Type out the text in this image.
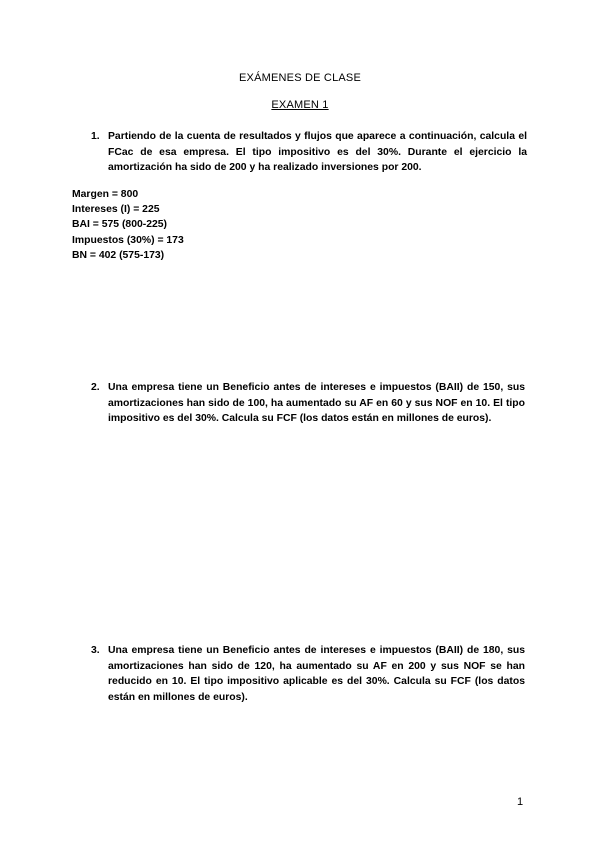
EXÁMENES DE CLASE
EXAMEN 1
1. Partiendo de la cuenta de resultados y flujos que aparece a continuación, calcula el FCac de esa empresa. El tipo impositivo es del 30%. Durante el ejercicio la amortización ha sido de 200 y ha realizado inversiones por 200.
Margen = 800
Intereses (I) = 225
BAI = 575 (800-225)
Impuestos (30%) = 173
BN = 402 (575-173)
2. Una empresa tiene un Beneficio antes de intereses e impuestos (BAII) de 150, sus amortizaciones han sido de 100, ha aumentado su AF en 60 y sus NOF en 10. El tipo impositivo es del 30%. Calcula su FCF (los datos están en millones de euros).
3. Una empresa tiene un Beneficio antes de intereses e impuestos (BAII) de 180, sus amortizaciones han sido de 120, ha aumentado su AF en 200 y sus NOF se han reducido en 10. El tipo impositivo aplicable es del 30%. Calcula su FCF (los datos están en millones de euros).
1
